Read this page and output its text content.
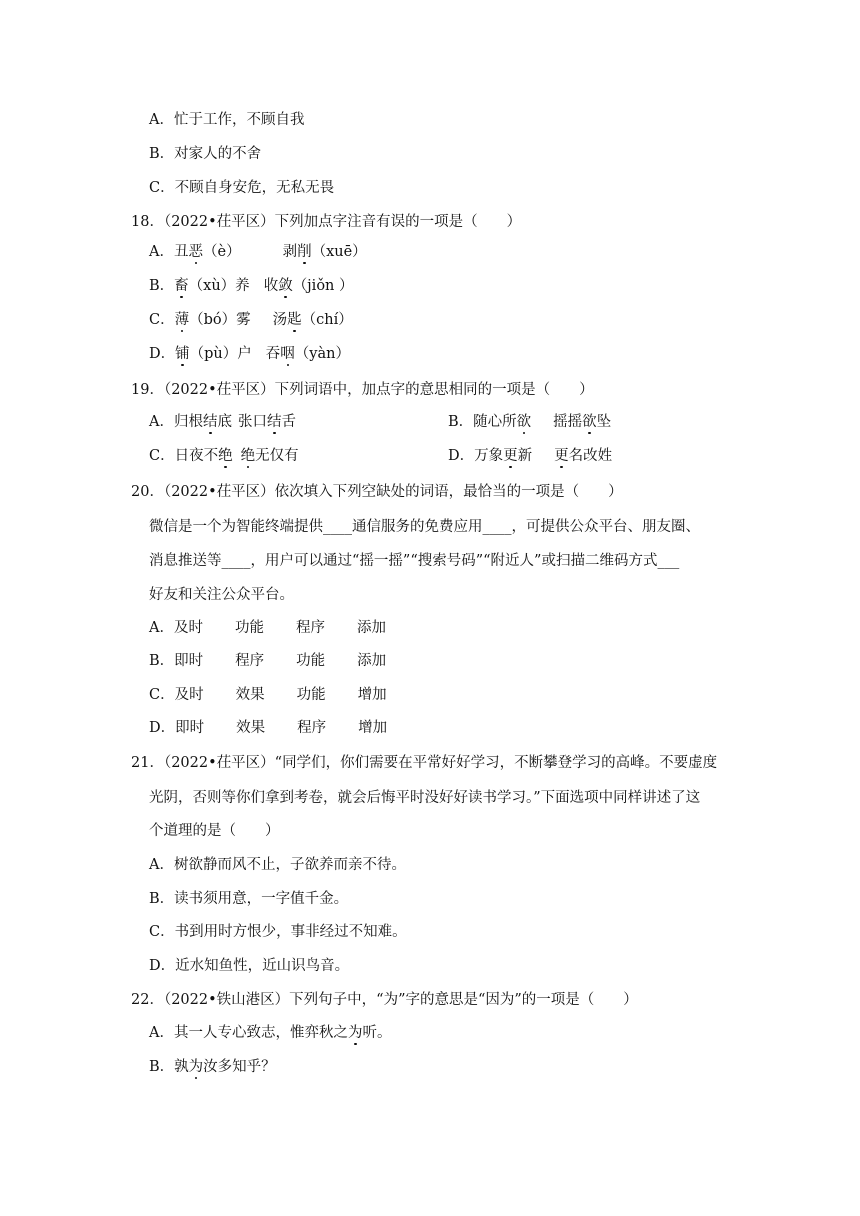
A．忙于工作，不顾自我
B．对家人的不舍
C．不顾自身安危，无私无畏
18．（2022•茌平区）下列加点字注音有误的一项是（　　）
A．丑恶（è）	剥削（xuē）
B．畜（xù）养 收敛（jiǒn ）
C．薄（bó）雾 汤匙（chí）
D．铺（pù）户 吞咽（yàn）
19．（2022•茌平区）下列词语中，加点字的意思相同的一项是（　　）
A．归根结底 张口结舌	B．随心所欲 摇摇欲坠
C．日夜不绝 绝无仅有	D．万象更新 更名改姓
20．（2022•茌平区）依次填入下列空缺处的词语，最恰当的一项是（　　）
微信是一个为智能终端提供____通信服务的免费应用____，可提供公众平台、朋友圈、
消息推送等____，用户可以通过“摇一摇”“搜索号码”“附近人”或扫描二维码方式___
好友和关注公众平台。
A．及时 功能 程序 添加
B．即时 程序 功能 添加
C．及时 效果 功能 增加
D．即时 效果 程序 增加
21．（2022•茌平区）“同学们，你们需要在平常好好学习，不断攀登学习的高峰。不要虚度
光阴，否则等你们拿到考卷，就会后悔平时没好好读书学习。”下面选项中同样讲述了这
个道理的是（　　）
A．树欲静而风不止，子欲养而亲不待。
B．读书须用意，一字值千金。
C．书到用时方恨少，事非经过不知难。
D．近水知鱼性，近山识鸟音。
22．（2022•铁山港区）下列句子中，“为”字的意思是“因为”的一项是（　　）
A．其一人专心致志，惟弈秋之为听。
B．孰为汝多知乎？
